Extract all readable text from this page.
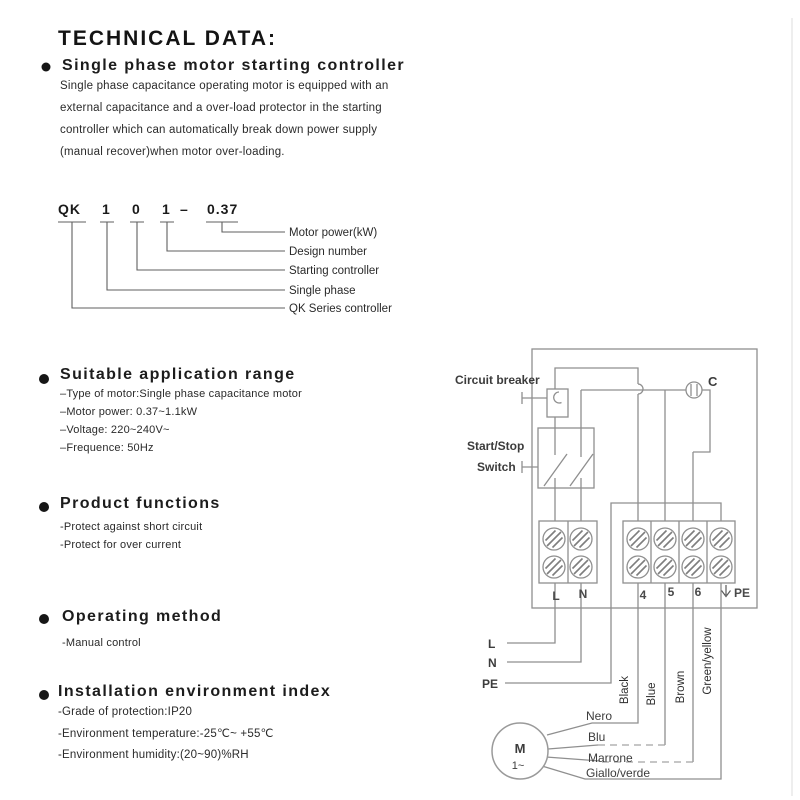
Motor power(kW)
Design number
Starting controller
Single phase
QK Series controller
M
1~
Circuit breaker
Start/Stop
Switch
C
L N	4 5 6	PE
L
N
PE	Black Blue Brown Green/yellow
Nero
Blu
Marrone
Giallo/verde
TECHNICAL DATA:
Single phase motor starting controller
Single phase capacitance operating motor is equipped with an
external capacitance and a over-load protector in the starting
controller which can automatically break down power supply
(manual recover)when motor over-loading.
QK 1 0 1 – 0.37
Suitable application range
–Type of motor:Single phase capacitance motor
–Motor power: 0.37~1.1kW
–Voltage: 220~240V~
–Frequence: 50Hz
Product functions
-Protect against short circuit
-Protect for over current
Operating method
-Manual control
Installation environment index
-Grade of protection:IP20
-Environment temperature:-25℃~ +55℃
-Environment humidity:(20~90)%RH
